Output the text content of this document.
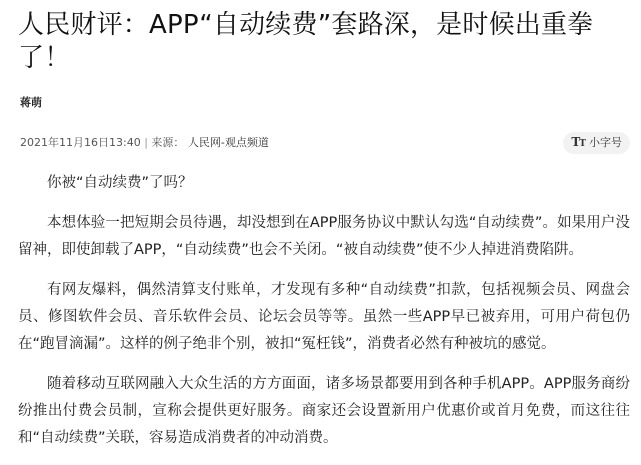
人民财评：APP“自动续费”套路深，是时候出重拳了！
蒋萌
2021年11月16日13:40 | 来源： 人民网-观点频道	TT 小字号

你被“自动续费”了吗？

本想体验一把短期会员待遇，却没想到在APP服务协议中默认勾选“自动续费”。如果用户没留神，即使卸载了APP，“自动续费”也会不关闭。“被自动续费”使不少人掉进消费陷阱。

有网友爆料，偶然清算支付账单，才发现有多种“自动续费”扣款，包括视频会员、网盘会员、修图软件会员、音乐软件会员、论坛会员等等。虽然一些APP早已被弃用，可用户荷包仍在“跑冒滴漏”。这样的例子绝非个别，被扣“冤枉钱”，消费者必然有种被坑的感觉。

随着移动互联网融入大众生活的方方面面，诸多场景都要用到各种手机APP。APP服务商纷纷推出付费会员制，宣称会提供更好服务。商家还会设置新用户优惠价或首月免费，而这往往和“自动续费”关联，容易造成消费者的冲动消费。
